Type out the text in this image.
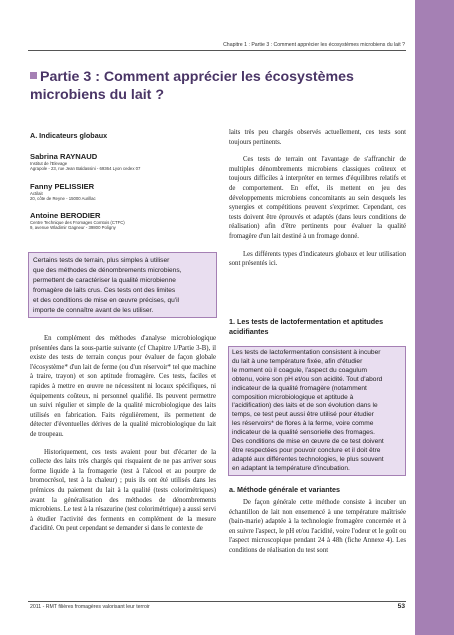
Chapitre 1 : Partie 3 : Comment apprécier les écosystèmes microbiens du lait ?
Partie 3 : Comment apprécier les écosystèmes
microbiens du lait ?
A. Indicateurs globaux
Sabrina RAYNAUD
Institut de l'Elevage
Agrapole - 23, rue Jean Baldassini - 69364 Lyon cedex 07
Fanny PELISSIER
Actilait
20, côte de Reyne - 15000 Aurillac
Antoine BERODIER
Centre Technique des Fromages Comtois (CTFC)
9, avenue Wladimir Gagneur - 39800 Poligny

Certains tests de terrain, plus simples à utiliser
que des méthodes de dénombrements microbiens,
permettent de caractériser la qualité microbienne
fromagère de laits crus. Ces tests ont des limites
et des conditions de mise en œuvre précises, qu'il
importe de connaître avant de les utiliser.

En complément des méthodes d'analyse microbiologique présentées dans la sous-partie suivante (cf Chapitre 1/Partie 3-B), il existe des tests de terrain conçus pour évaluer de façon globale l'écosystème* d'un lait de ferme (ou d'un réservoir* tel que machine à traire, trayon) et son aptitude fromagère. Ces tests, faciles et rapides à mettre en œuvre ne nécessitent ni locaux spécifiques, ni équipements coûteux, ni personnel qualifié. Ils peuvent permettre un suivi régulier et simple de la qualité microbiologique des laits utilisés en fabrication. Faits régulièrement, ils permettent de détecter d'éventuelles dérives de la qualité microbiologique du lait de troupeau.

Historiquement, ces tests avaient pour but d'écarter de la collecte des laits très chargés qui risquaient de ne pas arriver sous forme liquide à la fromagerie (test à l'alcool et au pourpre de bromocrésol, test à la chaleur) ; puis ils ont été utilisés dans les prémices du paiement du lait à la qualité (tests colorimétriques) avant la généralisation des méthodes de dénombrements microbiens. Le test à la résazurine (test colorimétrique) a aussi servi à étudier l'activité des ferments en complément de la mesure d'acidité. On peut cependant se demander si dans le contexte de

laits très peu chargés observés actuellement, ces tests sont toujours pertinents.

Ces tests de terrain ont l'avantage de s'affranchir de multiples dénombrements microbiens classiques coûteux et toujours difficiles à interpréter en termes d'équilibres relatifs et de comportement. En effet, ils mettent en jeu des développements microbiens concomitants au sein desquels les synergies et compétitions peuvent s'exprimer. Cependant, ces tests doivent être éprouvés et adaptés (dans leurs conditions de réalisation) afin d'être pertinents pour évaluer la qualité fromagère d'un lait destiné à un fromage donné.

Les différents types d'indicateurs globaux et leur utilisation sont présentés ici.

1. Les tests de lactofermentation et aptitudes
acidifiantes

Les tests de lactofermentation consistent à incuber
du lait à une température fixée, afin d'étudier
le moment où il coagule, l'aspect du coagulum
obtenu, voire son pH et/ou son acidité. Tout d'abord
indicateur de la qualité fromagère (notamment
composition microbiologique et aptitude à
l'acidification) des laits et de son évolution dans le
temps, ce test peut aussi être utilisé pour étudier
les réservoirs* de flores à la ferme, voire comme
indicateur de la qualité sensorielle des fromages.
Des conditions de mise en œuvre de ce test doivent
être respectées pour pouvoir conclure et il doit être
adapté aux différentes technologies, le plus souvent
en adaptant la température d'incubation.

a. Méthode générale et variantes

De façon générale cette méthode consiste à incuber un échantillon de lait non ensemencé à une température maîtrisée (bain-marie) adaptée à la technologie fromagère concernée et à en suivre l'aspect, le pH et/ou l'acidité, voire l'odeur et le goût ou l'aspect microscopique pendant 24 à 48h (fiche Annexe 4). Les conditions de réalisation du test sont

2011 - RMT filières fromagères valorisant leur terroir	53
